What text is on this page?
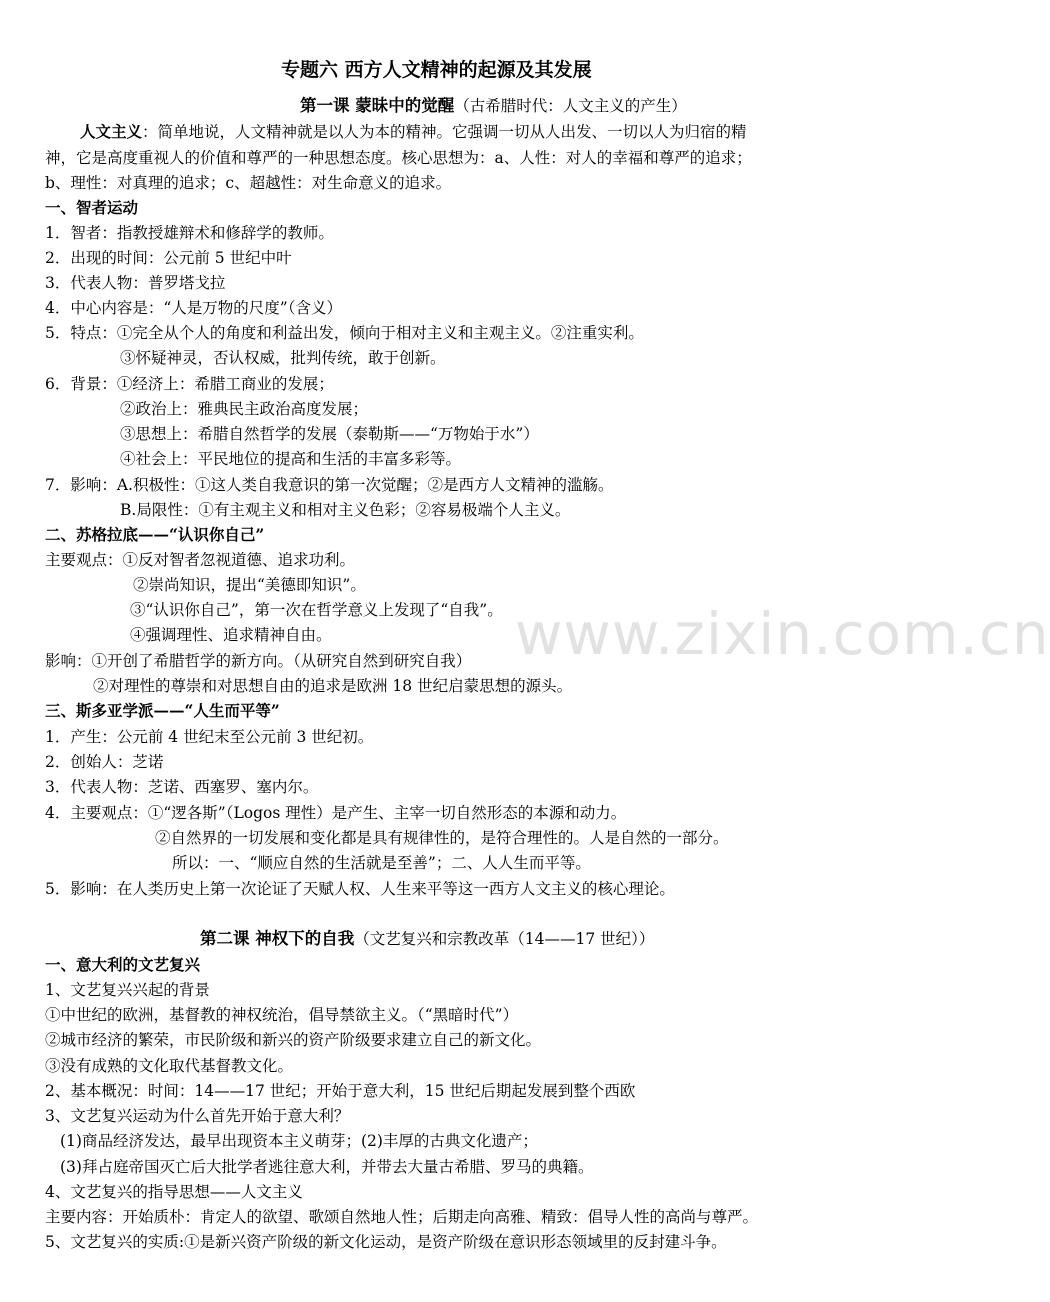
专题六 西方人文精神的起源及其发展
第一课 蒙昧中的觉醒（古希腊时代：人文主义的产生）
人文主义：简单地说，人文精神就是以人为本的精神。它强调一切从人出发、一切以人为归宿的精
神，它是高度重视人的价值和尊严的一种思想态度。核心思想为：a、人性：对人的幸福和尊严的追求；
b、理性：对真理的追求；c、超越性：对生命意义的追求。
一、智者运动
1．智者：指教授雄辩术和修辞学的教师。
2．出现的时间：公元前 5 世纪中叶
3．代表人物：普罗塔戈拉
4．中心内容是：“人是万物的尺度”（含义）
5．特点：①完全从个人的角度和利益出发，倾向于相对主义和主观主义。②注重实利。
③怀疑神灵，否认权威，批判传统，敢于创新。
6．背景：①经济上：希腊工商业的发展；
②政治上：雅典民主政治高度发展；
③思想上：希腊自然哲学的发展（泰勒斯——“万物始于水”）
④社会上：平民地位的提高和生活的丰富多彩等。
7．影响：A.积极性：①这人类自我意识的第一次觉醒；②是西方人文精神的滥觞。
B.局限性：①有主观主义和相对主义色彩；②容易极端个人主义。
二、苏格拉底——“认识你自己”
主要观点：①反对智者忽视道德、追求功利。
②崇尚知识，提出“美德即知识”。
③“认识你自己”，第一次在哲学意义上发现了“自我”。
④强调理性、追求精神自由。
影响：①开创了希腊哲学的新方向。（从研究自然到研究自我）
②对理性的尊崇和对思想自由的追求是欧洲 18 世纪启蒙思想的源头。
三、斯多亚学派——“人生而平等”
1．产生：公元前 4 世纪末至公元前 3 世纪初。
2．创始人：芝诺
3．代表人物：芝诺、西塞罗、塞内尔。
4．主要观点：①“逻各斯”（Logos 理性）是产生、主宰一切自然形态的本源和动力。
②自然界的一切发展和变化都是具有规律性的，是符合理性的。人是自然的一部分。
所以：一、“顺应自然的生活就是至善”；二、人人生而平等。
5．影响：在人类历史上第一次论证了天赋人权、人生来平等这一西方人文主义的核心理论。
第二课 神权下的自我（文艺复兴和宗教改革（14——17 世纪））
一、意大利的文艺复兴
1、文艺复兴兴起的背景
①中世纪的欧洲，基督教的神权统治，倡导禁欲主义。（“黑暗时代”）
②城市经济的繁荣，市民阶级和新兴的资产阶级要求建立自己的新文化。
③没有成熟的文化取代基督教文化。
2、基本概况：时间：14——17 世纪；开始于意大利，15 世纪后期起发展到整个西欧
3、文艺复兴运动为什么首先开始于意大利？
(1)商品经济发达，最早出现资本主义萌芽；(2)丰厚的古典文化遗产；
(3)拜占庭帝国灭亡后大批学者逃往意大利，并带去大量古希腊、罗马的典籍。
4、文艺复兴的指导思想——人文主义
主要内容：开始质朴：肯定人的欲望、歌颂自然地人性；后期走向高雅、精致：倡导人性的高尚与尊严。
5、文艺复兴的实质:①是新兴资产阶级的新文化运动，是资产阶级在意识形态领域里的反封建斗争。
www.zixin.com.cn
